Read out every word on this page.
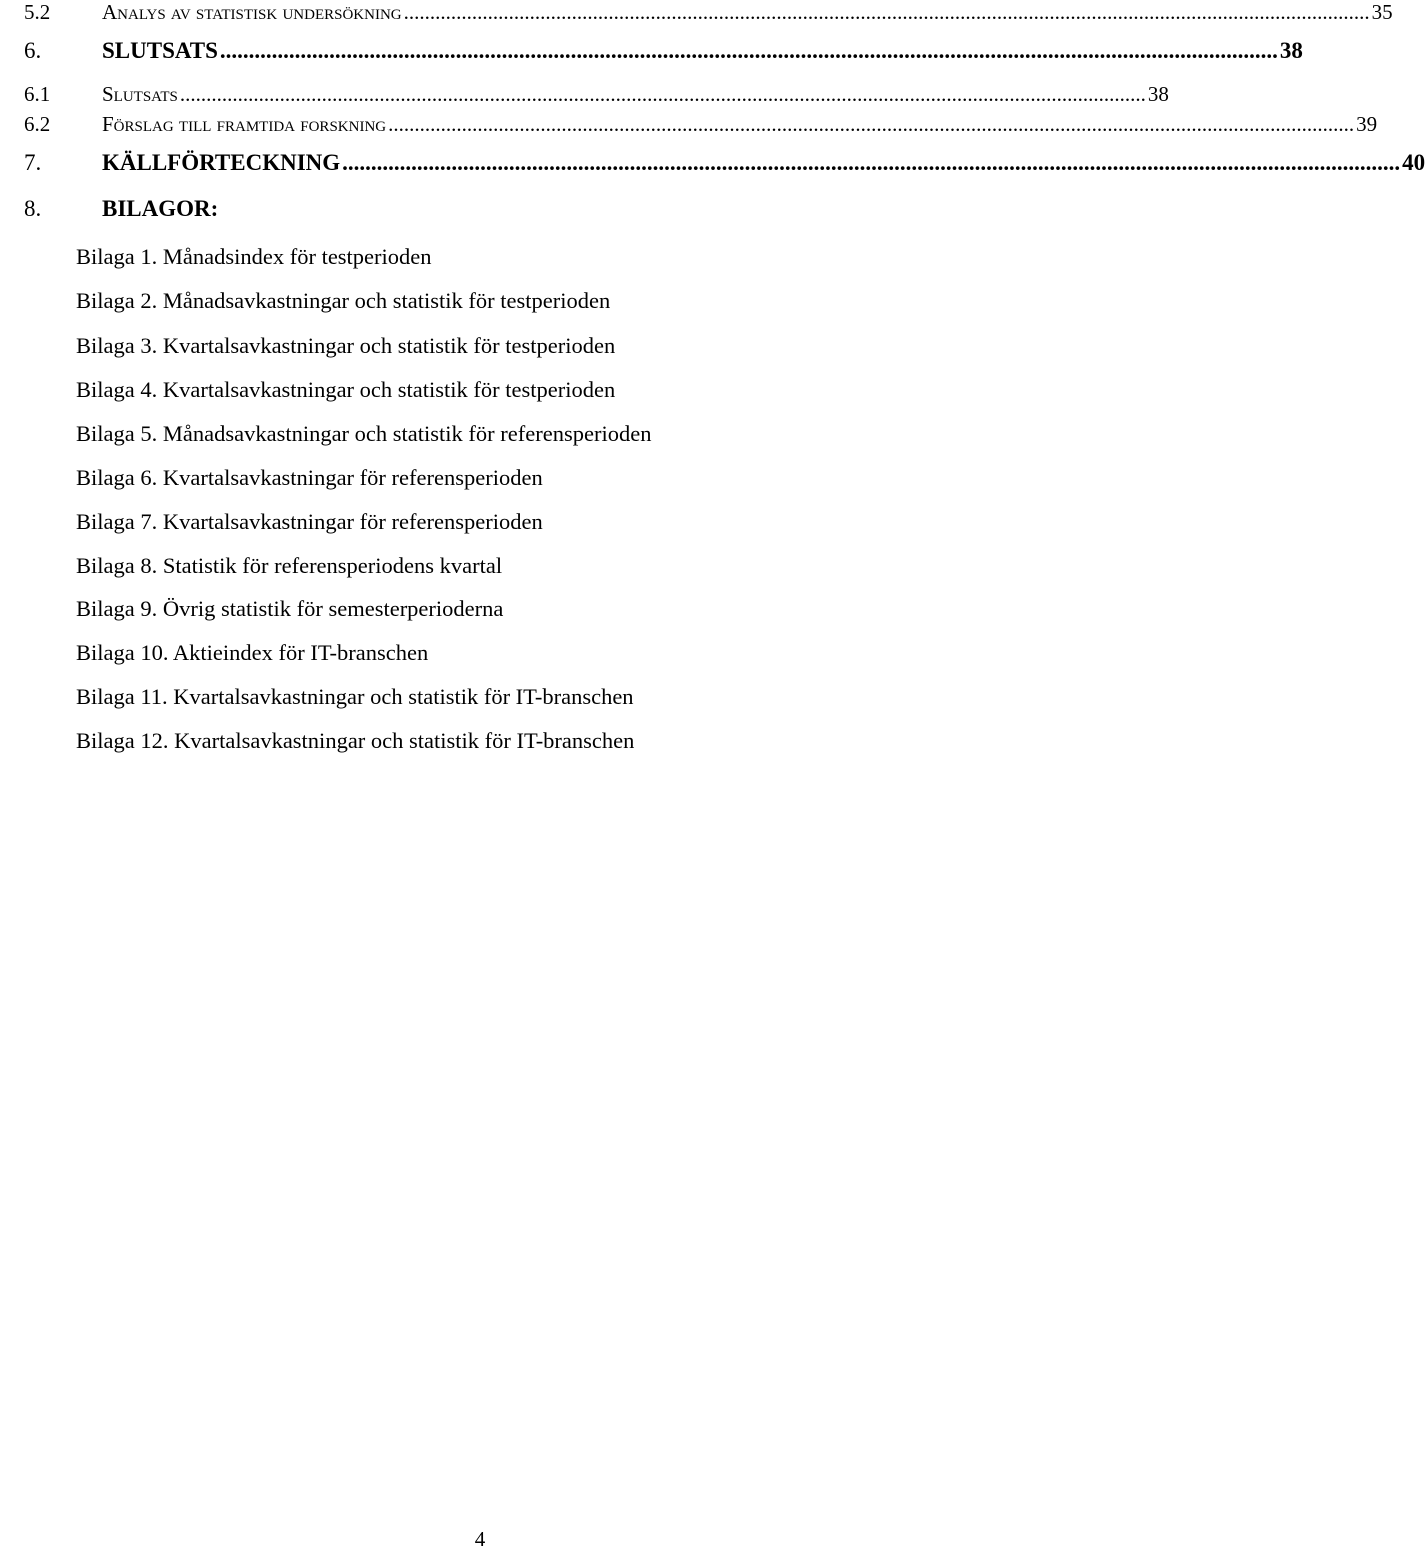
5.2	Analys av statistisk undersökning ........................................................................................................................................................................................ 35
6.	SLUTSATS ........................................................................................................................................................................................ 38
6.1	Slutsats ........................................................................................................................................................................................ 38
6.2	Förslag till framtida forskning ........................................................................................................................................................................................ 39
7.	KÄLLFÖRTECKNING ........................................................................................................................................................................................ 40
8.	BILAGOR:
Bilaga 1. Månadsindex för testperioden
Bilaga 2. Månadsavkastningar och statistik för testperioden
Bilaga 3. Kvartalsavkastningar och statistik för testperioden
Bilaga 4. Kvartalsavkastningar och statistik för testperioden
Bilaga 5. Månadsavkastningar och statistik för referensperioden
Bilaga 6. Kvartalsavkastningar för referensperioden
Bilaga 7. Kvartalsavkastningar för referensperioden
Bilaga 8. Statistik för referensperiodens kvartal
Bilaga 9. Övrig statistik för semesterperioderna
Bilaga 10. Aktieindex för IT-branschen
Bilaga 11. Kvartalsavkastningar och statistik för IT-branschen
Bilaga 12. Kvartalsavkastningar och statistik för IT-branschen
4
